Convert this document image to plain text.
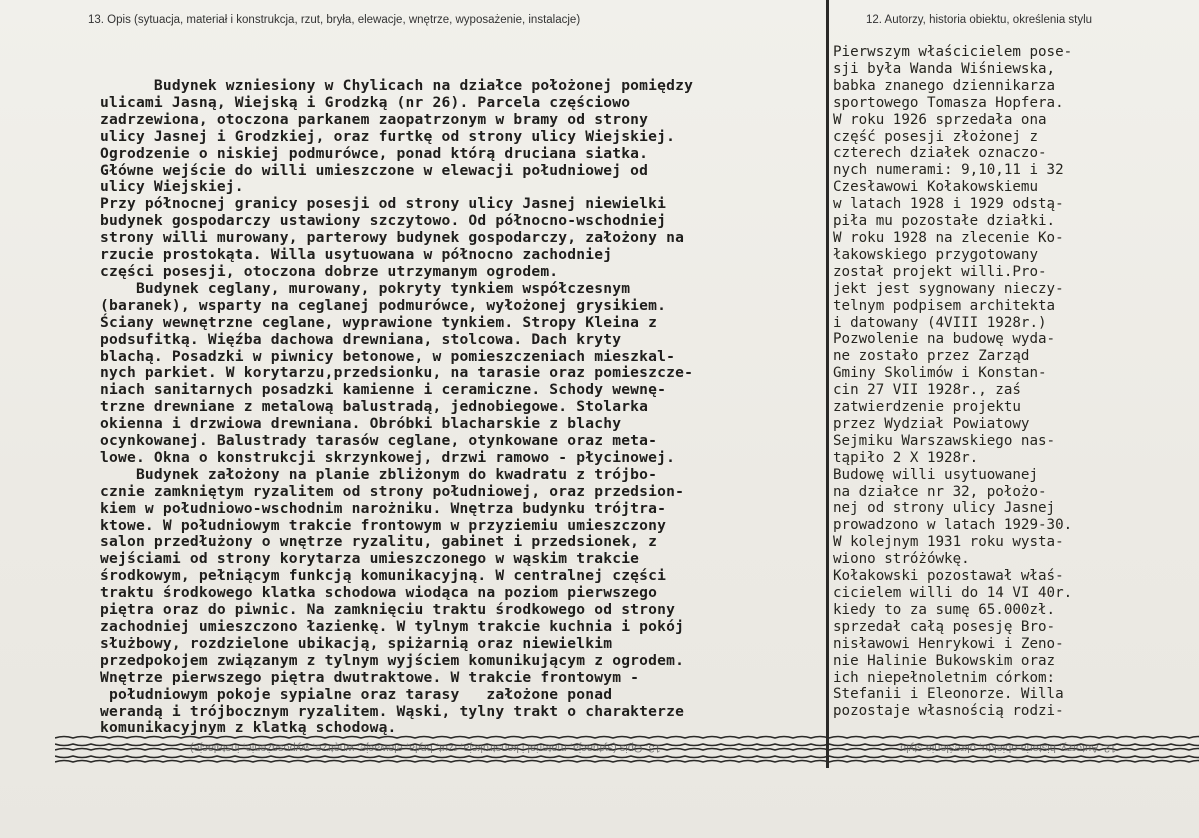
13. Opis (sytuacja, materiał i konstrukcja, rzut, bryła, elewacje, wnętrze, wyposażenie, instalacje)	12. Autorzy, historia obiektu, określenia stylu
Budynek wzniesiony w Chylicach na działce położonej pomiędzy
ulicami Jasną, Wiejską i Grodzką (nr 26). Parcela częściowo
zadrzewiona, otoczona parkanem zaopatrzonym w bramy od strony
ulicy Jasnej i Grodzkiej, oraz furtkę od strony ulicy Wiejskiej.
Ogrodzenie o niskiej podmurówce, ponad którą druciana siatka.
Główne wejście do willi umieszczone w elewacji południowej od
ulicy Wiejskiej.
Przy północnej granicy posesji od strony ulicy Jasnej niewielki
budynek gospodarczy ustawiony szczytowo. Od północno-wschodniej
strony willi murowany, parterowy budynek gospodarczy, założony na
rzucie prostokąta. Willa usytuowana w północno zachodniej
części posesji, otoczona dobrze utrzymanym ogrodem.
Budynek ceglany, murowany, pokryty tynkiem współczesnym
(baranek), wsparty na ceglanej podmurówce, wyłożonej grysikiem.
Ściany wewnętrzne ceglane, wyprawione tynkiem. Stropy Kleina z
podsufitką. Więźba dachowa drewniana, stolcowa. Dach kryty
blachą. Posadzki w piwnicy betonowe, w pomieszczeniach mieszkal-
nych parkiet. W korytarzu,przedsionku, na tarasie oraz pomieszcze-
niach sanitarnych posadzki kamienne i ceramiczne. Schody wewnę-
trzne drewniane z metalową balustradą, jednobiegowe. Stolarka
okienna i drzwiowa drewniana. Obróbki blacharskie z blachy
ocynkowanej. Balustrady tarasów ceglane, otynkowane oraz meta-
lowe. Okna o konstrukcji skrzynkowej, drzwi ramowo - płycinowej.
Budynek założony na planie zbliżonym do kwadratu z trójbo-
cznie zamkniętym ryzalitem od strony południowej, oraz przedsion-
kiem w południowo-wschodnim narożniku. Wnętrza budynku trójtra-
ktowe. W południowym trakcie frontowym w przyziemiu umieszczony
salon przedłużony o wnętrze ryzalitu, gabinet i przedsionek, z
wejściami od strony korytarza umieszczonego w wąskim trakcie
środkowym, pełniącym funkcją komunikacyjną. W centralnej części
traktu środkowego klatka schodowa wiodąca na poziom pierwszego
piętra oraz do piwnic. Na zamknięciu traktu środkowego od strony
zachodniej umieszczono łazienkę. W tylnym trakcie kuchnia i pokój
służbowy, rozdzielone ubikacją, spiżarnią oraz niewielkim
przedpokojem związanym z tylnym wyjściem komunikującym z ogrodem.
Wnętrze pierwszego piętra dwutraktowe. W trakcie frontowym -
południowym pokoje sypialne oraz tarasy   założone ponad
werandą i trójbocznym ryzalitem. Wąski, tylny trakt o charakterze
komunikacyjnym z klatką schodową.
Pierwszym właścicielem pose-
sji była Wanda Wiśniewska,
babka znanego dziennikarza
sportowego Tomasza Hopfera.
W roku 1926 sprzedała ona
część posesji złożonej z
czterech działek oznaczo-
nych numerami: 9,10,11 i 32
Czesławowi Kołakowskiemu
w latach 1928 i 1929 odstą-
piła mu pozostałe działki.
W roku 1928 na zlecenie Ko-
łakowskiego przygotowany
został projekt willi.Pro-
jekt jest sygnowany nieczy-
telnym podpisem architekta
i datowany (4VIII 1928r.)
Pozwolenie na budowę wyda-
ne zostało przez Zarząd
Gminy Skolimów i Konstan-
cin 27 VII 1928r., zaś
zatwierdzenie projektu
przez Wydział Powiatowy
Sejmiku Warszawskiego nas-
tąpiło 2 X 1928r.
Budowę willi usytuowanej
na działce nr 32, położo-
nej od strony ulicy Jasnej
prowadzono w latach 1929-30.
W kolejnym 1931 roku wysta-
wiono stróżówkę.
Kołakowski pozostawał właś-
cicielem willi do 14 VI 40r.
kiedy to za sumę 65.000zł.
sprzedał całą posesję Bro-
nisławowi Henrykowi i Zeno-
nie Halinie Bukowskim oraz
ich niepełnoletnim córkom:
Stefanii i Eleonorze. Willa
pozostaje własnością rodzi-
13. Opis (sytuacja, materiał i konstrukcja, rzut, bryła, elewacje, wnętrze, wyposażenie, instalacje)	12. Autorzy, historia obiektu, określenia stylu
